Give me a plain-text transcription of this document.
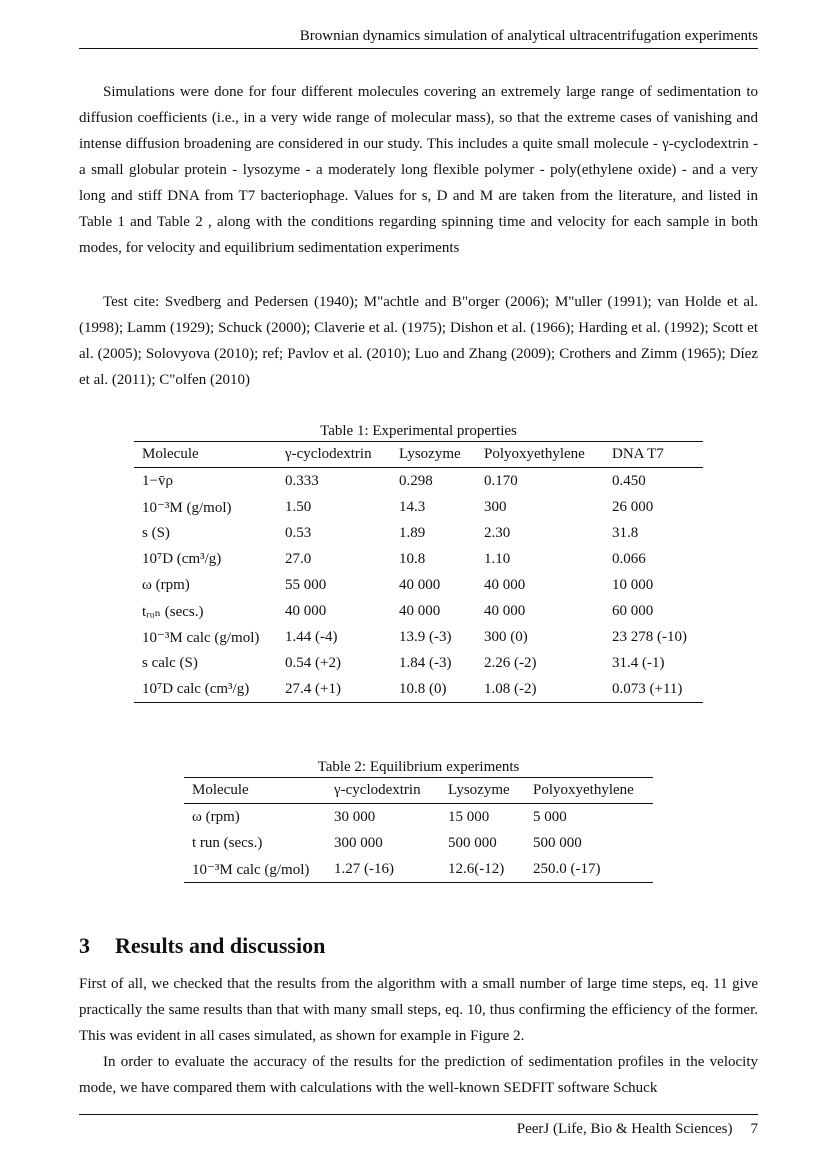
Brownian dynamics simulation of analytical ultracentrifugation experiments

Simulations were done for four different molecules covering an extremely large range of sedimentation to diffusion coefficients (i.e., in a very wide range of molecular mass), so that the extreme cases of vanishing and intense diffusion broadening are considered in our study. This includes a quite small molecule - γ-cyclodextrin - a small globular protein - lysozyme - a moderately long flexible polymer - poly(ethylene oxide) - and a very long and stiff DNA from T7 bacteriophage. Values for s, D and M are taken from the literature, and listed in Table 1 and Table 2 , along with the conditions regarding spinning time and velocity for each sample in both modes, for velocity and equilibrium sedimentation experiments

Test cite: Svedberg and Pedersen (1940); M"achtle and B"orger (2006); M"uller (1991); van Holde et al. (1998); Lamm (1929); Schuck (2000); Claverie et al. (1975); Dishon et al. (1966); Harding et al. (1992); Scott et al. (2005); Solovyova (2010); ref; Pavlov et al. (2010); Luo and Zhang (2009); Crothers and Zimm (1965); Díez et al. (2011); C"olfen (2010)

Table 1: Experimental properties
Molecule	γ-cyclodextrin	Lysozyme	Polyoxyethylene	DNA T7
1−v̄ρ	0.333	0.298	0.170	0.450
10⁻³M (g/mol)	1.50	14.3	300	26 000
s (S)	0.53	1.89	2.30	31.8
10⁷D (cm³/g)	27.0	10.8	1.10	0.066
ω (rpm)	55 000	40 000	40 000	10 000
tᵣᵤₙ (secs.)	40 000	40 000	40 000	60 000
10⁻³M calc (g/mol)	1.44 (-4)	13.9 (-3)	300 (0)	23 278 (-10)
s calc (S)	0.54 (+2)	1.84 (-3)	2.26 (-2)	31.4 (-1)
10⁷D calc (cm³/g)	27.4 (+1)	10.8 (0)	1.08 (-2)	0.073 (+11)
Table 2: Equilibrium experiments
Molecule	γ-cyclodextrin	Lysozyme	Polyoxyethylene
ω (rpm)	30 000	15 000	5 000
t run (secs.)	300 000	500 000	500 000
10⁻³M calc (g/mol)	1.27 (-16)	12.6(-12)	250.0 (-17)
3 Results and discussion

First of all, we checked that the results from the algorithm with a small number of large time steps, eq. 11 give practically the same results than that with many small steps, eq. 10, thus confirming the efficiency of the former. This was evident in all cases simulated, as shown for example in Figure 2.

In order to evaluate the accuracy of the results for the prediction of sedimentation profiles in the velocity mode, we have compared them with calculations with the well-known SEDFIT software Schuck

PeerJ (Life, Bio & Health Sciences) 7
